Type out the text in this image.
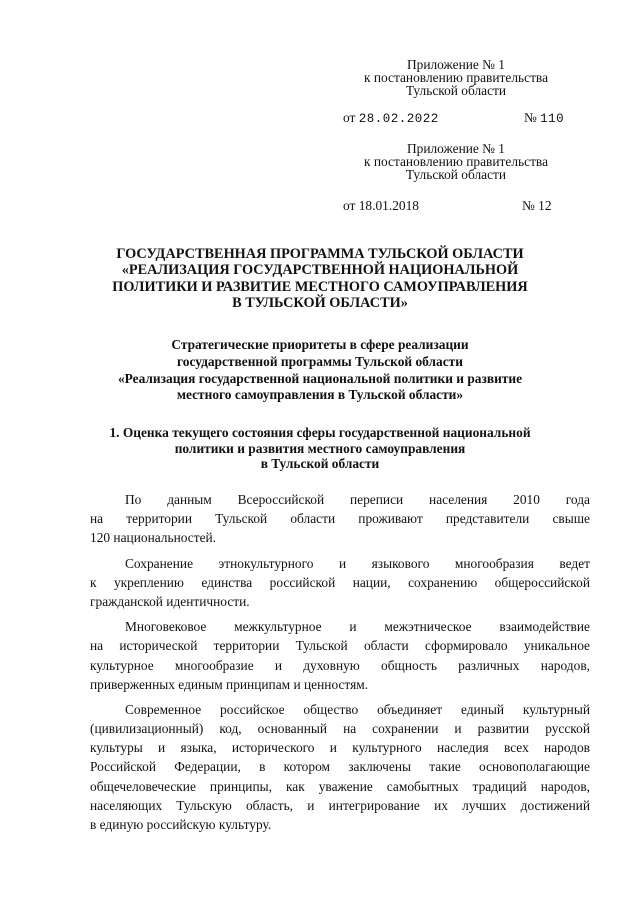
Приложение № 1
к постановлению правительства
Тульской области
от 28.02.2022	№ 110
Приложение № 1
к постановлению правительства
Тульской области
от 18.01.2018	№ 12
ГОСУДАРСТВЕННАЯ ПРОГРАММА ТУЛЬСКОЙ ОБЛАСТИ
«РЕАЛИЗАЦИЯ ГОСУДАРСТВЕННОЙ НАЦИОНАЛЬНОЙ
ПОЛИТИКИ И РАЗВИТИЕ МЕСТНОГО САМОУПРАВЛЕНИЯ
В ТУЛЬСКОЙ ОБЛАСТИ»
Стратегические приоритеты в сфере реализации
государственной программы Тульской области
«Реализация государственной национальной политики и развитие
местного самоуправления в Тульской области»
1. Оценка текущего состояния сферы государственной национальной
политики и развития местного самоуправления
в Тульской области
По данным Всероссийской переписи населения 2010 года
на территории Тульской области проживают представители свыше
120 национальностей.
Сохранение этнокультурного и языкового многообразия ведет
к укреплению единства российской нации, сохранению общероссийской
гражданской идентичности.
Многовековое межкультурное и межэтническое взаимодействие
на исторической территории Тульской области сформировало уникальное
культурное многообразие и духовную общность различных народов,
приверженных единым принципам и ценностям.
Современное российское общество объединяет единый культурный
(цивилизационный) код, основанный на сохранении и развитии русской
культуры и языка, исторического и культурного наследия всех народов
Российской Федерации, в котором заключены такие основополагающие
общечеловеческие принципы, как уважение самобытных традиций народов,
населяющих Тульскую область, и интегрирование их лучших достижений
в единую российскую культуру.
